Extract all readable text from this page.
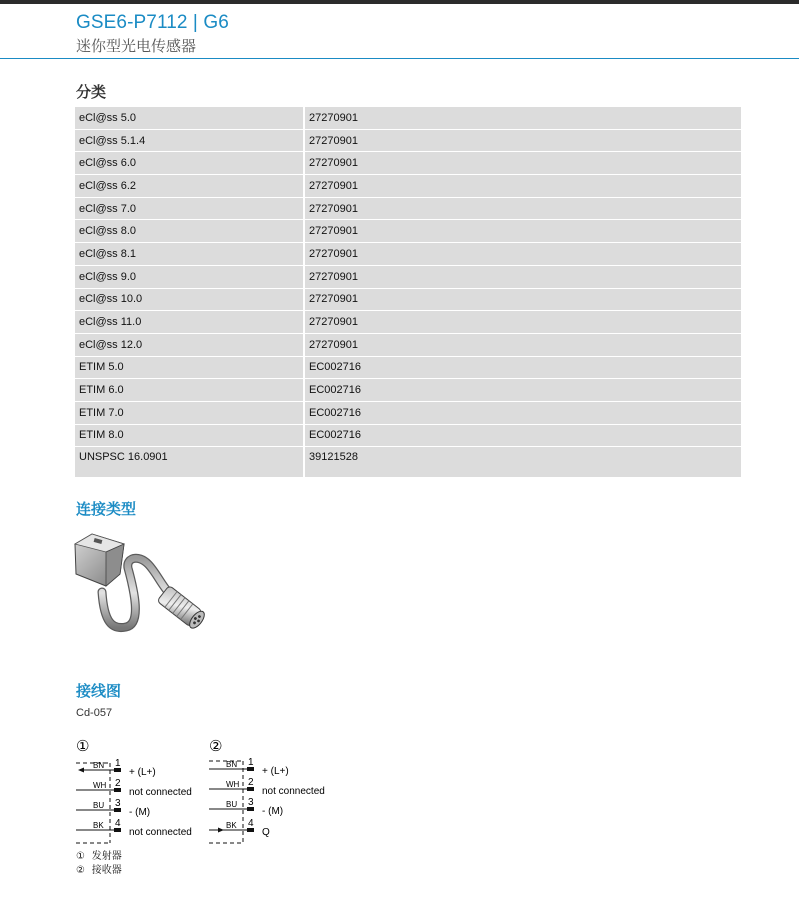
GSE6-P7112 | G6
迷你型光电传感器
分类
eCl@ss 5.0	27270901
eCl@ss 5.1.4	27270901
eCl@ss 6.0	27270901
eCl@ss 6.2	27270901
eCl@ss 7.0	27270901
eCl@ss 8.0	27270901
eCl@ss 8.1	27270901
eCl@ss 9.0	27270901
eCl@ss 10.0	27270901
eCl@ss 11.0	27270901
eCl@ss 12.0	27270901
ETIM 5.0	EC002716
ETIM 6.0	EC002716
ETIM 7.0	EC002716
ETIM 8.0	EC002716
UNSPSC 16.0901	39121528
连接类型
接线图
Cd-057
①
BN
WH
BU
BK
1
2
3
4
+ (L+)
not connected
- (M)
not connected
②
BN
WH
BU
BK
1
2
3
4
+ (L+)
not connected
- (M)
Q
① 发射器
② 接收器
